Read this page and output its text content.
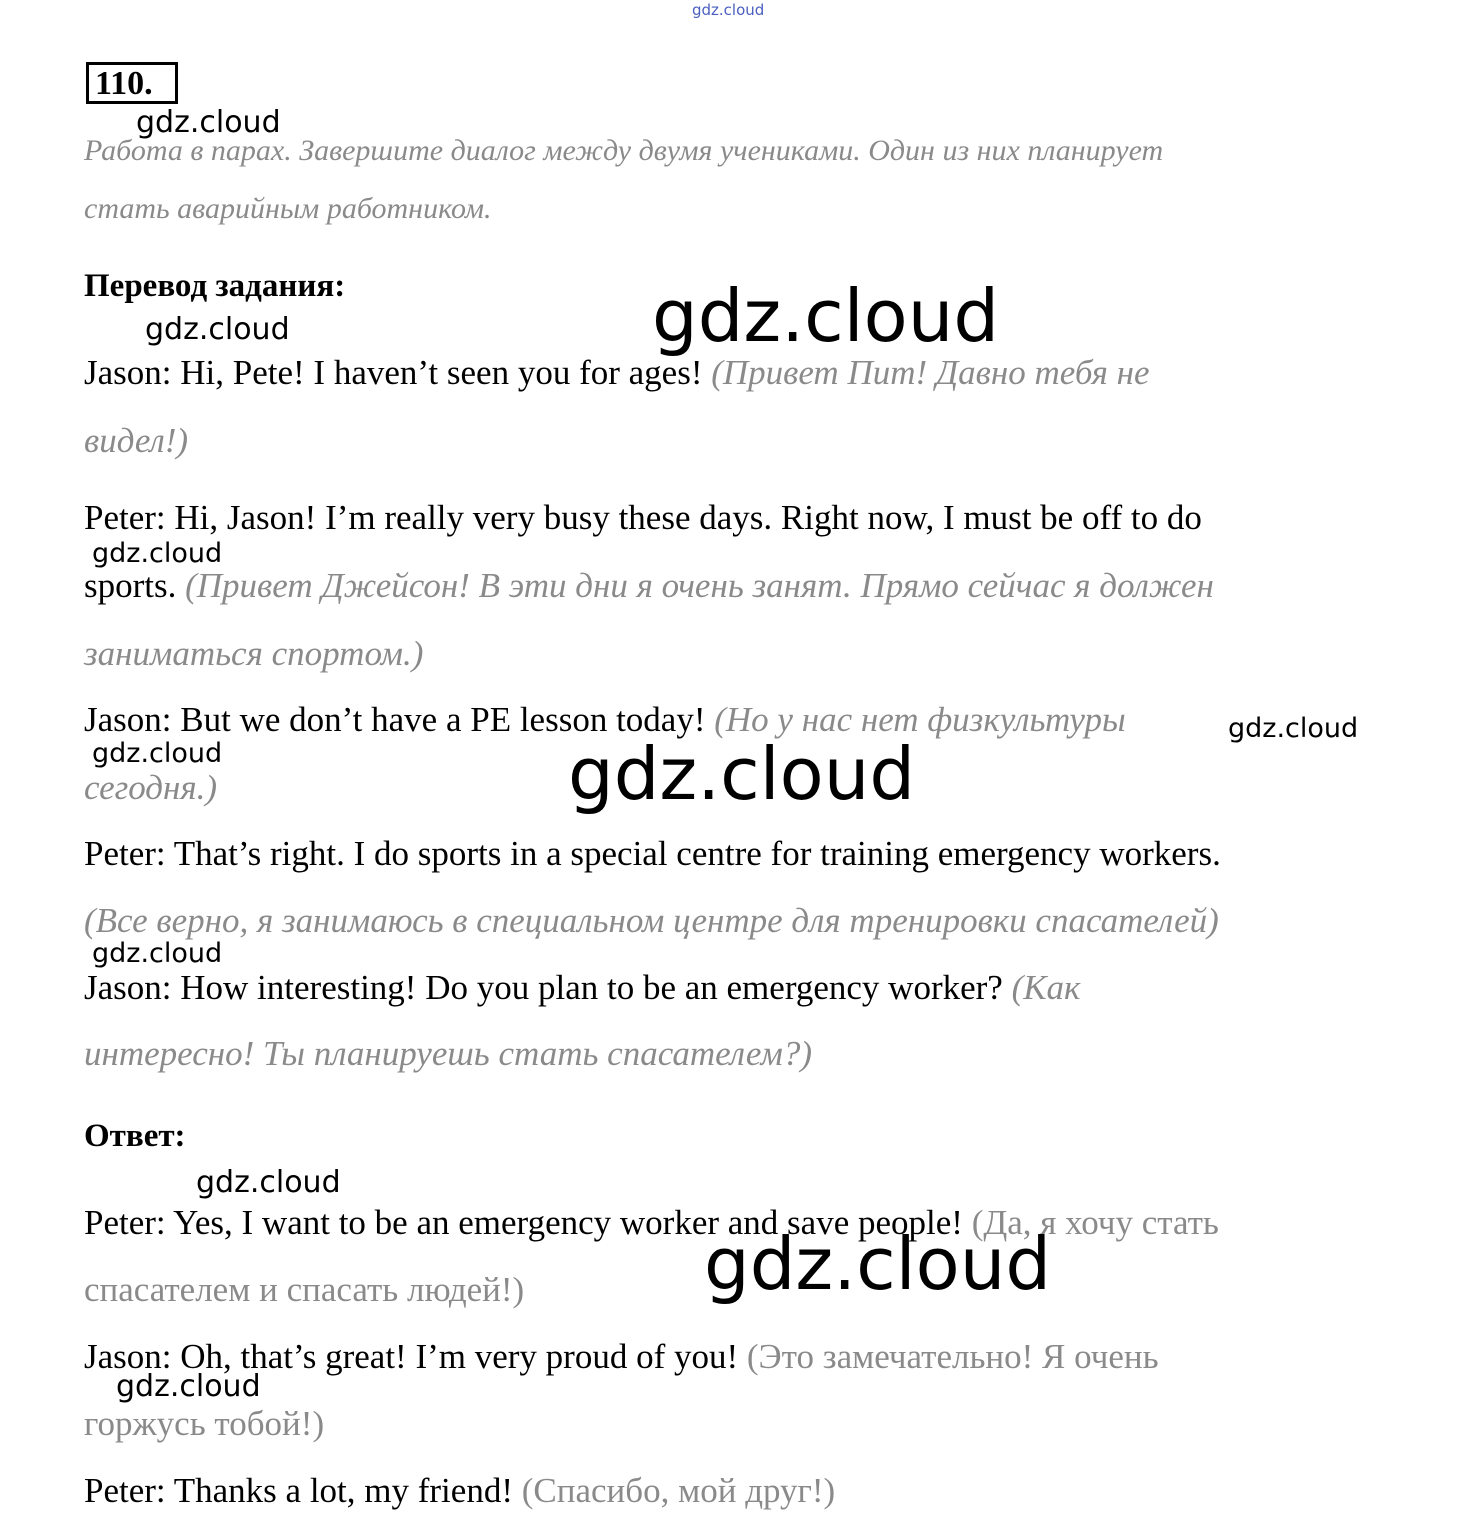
gdz.cloud
110.
Работа в парах. Завершите диалог между двумя учениками. Один из них планирует
стать аварийным работником.
Перевод задания:
Jason: Hi, Pete! I haven’t seen you for ages! (Привет Пит! Давно тебя не
видел!)
Peter: Hi, Jason! I’m really very busy these days. Right now, I must be off to do
sports. (Привет Джейсон! В эти дни я очень занят. Прямо сейчас я должен
заниматься спортом.)
Jason: But we don’t have a PE lesson today! (Но у нас нет физкультуры
сегодня.)
Peter: That’s right. I do sports in a special centre for training emergency workers.
(Все верно, я занимаюсь в специальном центре для тренировки спасателей)
Jason: How interesting! Do you plan to be an emergency worker? (Как
интересно! Ты планируешь стать спасателем?)
Ответ:
Peter: Yes, I want to be an emergency worker and save people! (Да, я хочу стать
спасателем и спасать людей!)
Jason: Oh, that’s great! I’m very proud of you! (Это замечательно! Я очень
горжусь тобой!)
Peter: Thanks a lot, my friend! (Спасибо, мой друг!)
gdz.cloud
gdz.cloud	gdz.cloud
gdz.cloud
gdz.cloud
gdz.cloud
gdz.cloud
gdz.cloud
gdz.cloud
gdz.cloud
gdz.cloud
